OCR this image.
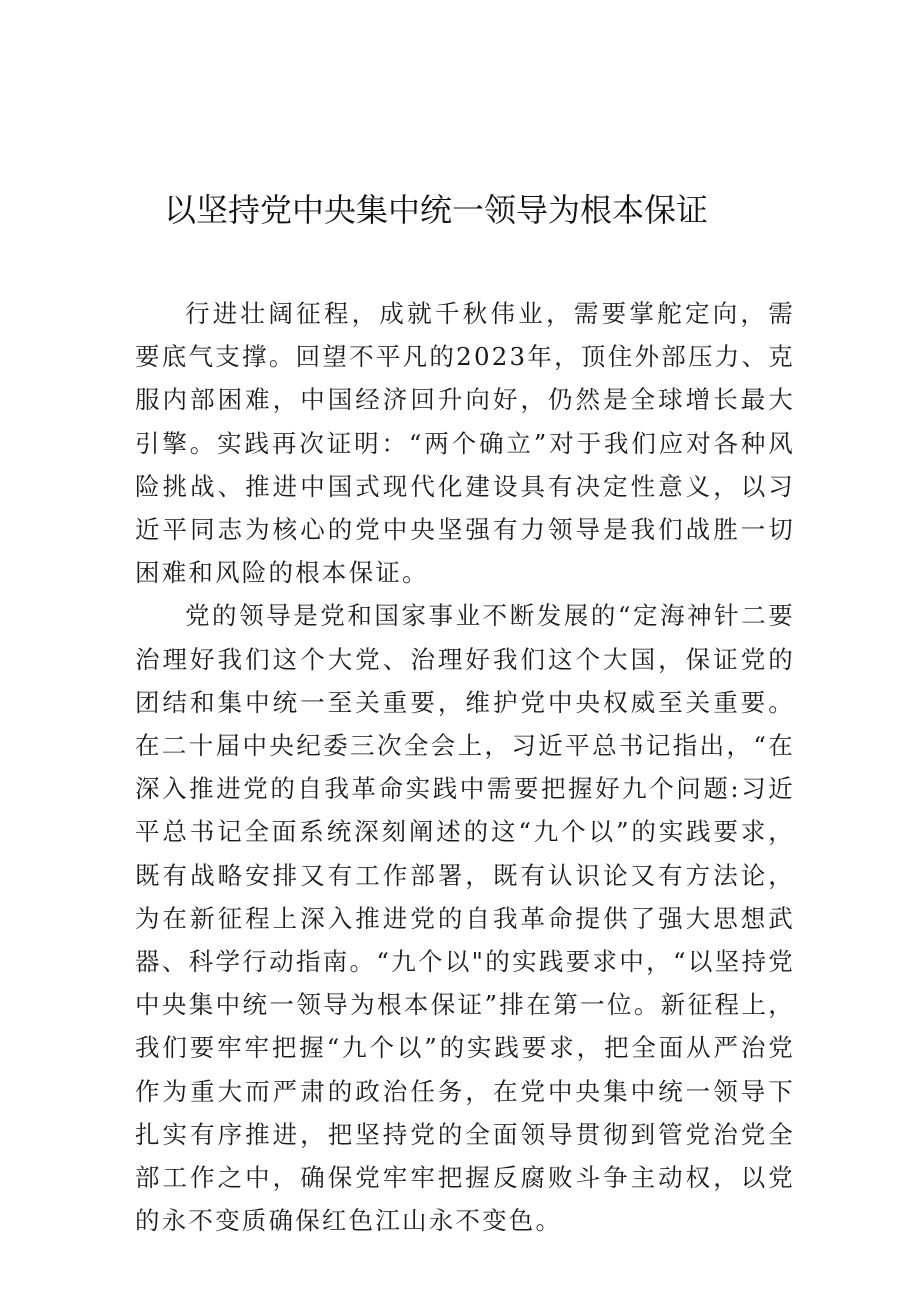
以坚持党中央集中统一领导为根本保证

行进壮阔征程，成就千秋伟业，需要掌舵定向，需要底气支撑。回望不平凡的2023年，顶住外部压力、克服内部困难，中国经济回升向好，仍然是全球增长最大引擎。实践再次证明：“两个确立”对于我们应对各种风险挑战、推进中国式现代化建设具有决定性意义，以习近平同志为核心的党中央坚强有力领导是我们战胜一切困难和风险的根本保证。

党的领导是党和国家事业不断发展的“定海神针二要治理好我们这个大党、治理好我们这个大国，保证党的团结和集中统一至关重要，维护党中央权威至关重要。在二十届中央纪委三次全会上，习近平总书记指出，“在深入推进党的自我革命实践中需要把握好九个问题:习近平总书记全面系统深刻阐述的这“九个以”的实践要求，既有战略安排又有工作部署，既有认识论又有方法论，为在新征程上深入推进党的自我革命提供了强大思想武器、科学行动指南。“九个以"的实践要求中，“以坚持党中央集中统一领导为根本保证”排在第一位。新征程上，我们要牢牢把握“九个以”的实践要求，把全面从严治党作为重大而严肃的政治任务，在党中央集中统一领导下扎实有序推进，把坚持党的全面领导贯彻到管党治党全部工作之中，确保党牢牢把握反腐败斗争主动权，以党的永不变质确保红色江山永不变色。
